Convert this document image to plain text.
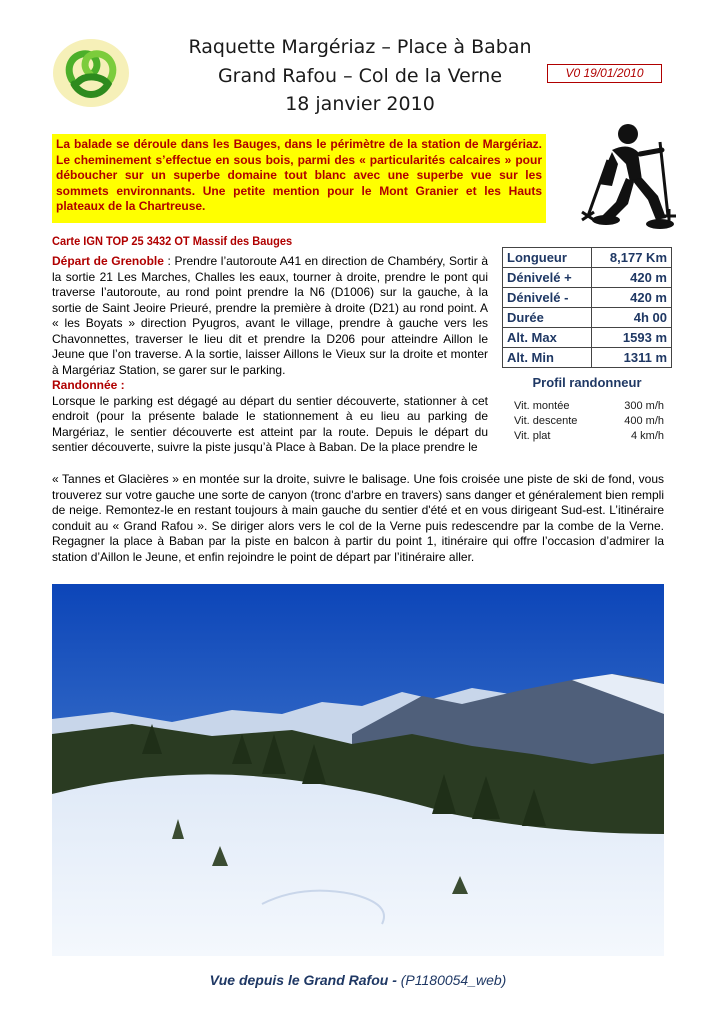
Raquette Margériaz – Place à Baban
Grand Rafou – Col de la Verne
18 janvier 2010
V0 19/01/2010
La balade se déroule dans les Bauges, dans le périmètre de la station de Margériaz. Le cheminement s’effectue en sous bois, parmi des « particularités calcaires » pour déboucher sur un superbe domaine tout blanc avec une superbe vue sur les sommets environnants. Une petite mention pour le Mont Granier et les Hauts plateaux de la Chartreuse.
Carte IGN TOP 25 3432 OT Massif des Bauges
Départ de Grenoble : Prendre l’autoroute A41 en direction de Chambéry, Sortir à la sortie 21 Les Marches, Challes les eaux, tourner à droite, prendre le pont qui traverse l’autoroute, au rond point prendre la N6 (D1006) sur la gauche, à la sortie de Saint Jeoire Prieuré, prendre la première à droite (D21) au rond point. A « les Boyats » direction Pyugros, avant le village, prendre à gauche vers les Chavonnettes, traverser le lieu dit et prendre la D206 pour atteindre Aillon le Jeune que l’on traverse. A la sortie, laisser Aillons le Vieux sur la droite et monter à Margériaz Station, se garer sur le parking.
Randonnée :
Lorsque le parking est dégagé au départ du sentier découverte, stationner à cet endroit (pour la présente balade le stationnement à eu lieu au parking de Margériaz, le sentier découverte est atteint par la route. Depuis le départ du sentier découverte, suivre la piste jusqu’à Place à Baban. De la place prendre le
« Tannes et Glacières » en montée sur la droite, suivre le balisage. Une fois croisée une piste de ski de fond, vous trouverez sur votre gauche une sorte de canyon (tronc d'arbre en travers) sans danger et généralement bien rempli de neige. Remontez-le en restant toujours à main gauche du sentier d'été et en vous dirigeant Sud-est. L’itinéraire conduit au « Grand Rafou ». Se diriger alors vers le col de la Verne puis redescendre par la combe de la Verne. Regagner la place à Baban par la piste en balcon à partir du point 1, itinéraire qui offre l’occasion d’admirer la station d’Aillon le Jeune, et enfin rejoindre le point de départ par l’itinéraire aller.
Longueur	8,177 Km
Dénivelé +	420 m
Dénivelé -	420 m
Durée	4h 00
Alt. Max	1593 m
Alt. Min	1311 m
Profil randonneur
Vit. montée	300 m/h
Vit. descente	400 m/h
Vit. plat	4 km/h
Vue depuis le Grand Rafou - (P1180054_web)
